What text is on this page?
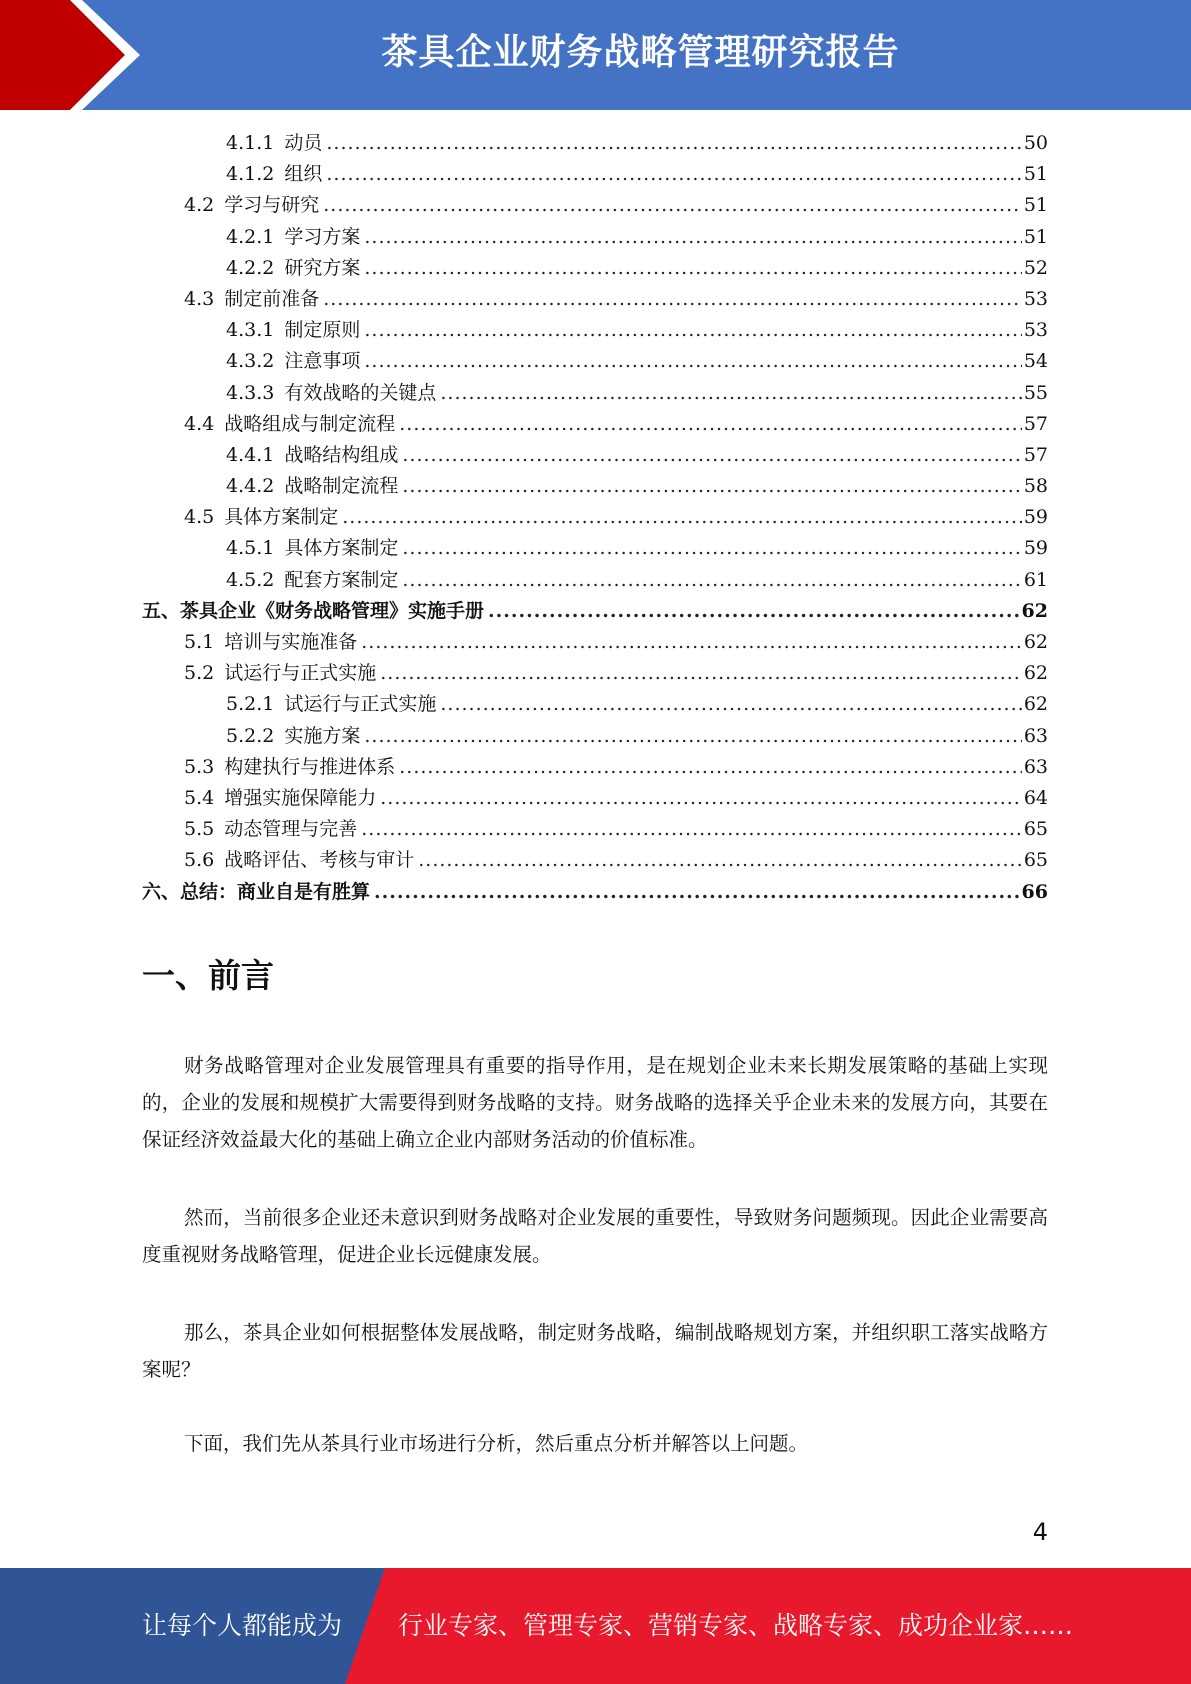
茶具企业财务战略管理研究报告
4.1.1 动员 .....	50
4.1.2 组织 .....	51
4.2 学习与研究 .....	51
4.2.1 学习方案 .....	51
4.2.2 研究方案 .....	52
4.3 制定前准备 .....	53
4.3.1 制定原则 .....	53
4.3.2 注意事项 .....	54
4.3.3 有效战略的关键点 .....	55
4.4 战略组成与制定流程 .....	57
4.4.1 战略结构组成 .....	57
4.4.2 战略制定流程 .....	58
4.5 具体方案制定 .....	59
4.5.1 具体方案制定 .....	59
4.5.2 配套方案制定 .....	61
五、茶具企业《财务战略管理》实施手册 .....	62
5.1 培训与实施准备 .....	62
5.2 试运行与正式实施 .....	62
5.2.1 试运行与正式实施 .....	62
5.2.2 实施方案 .....	63
5.3 构建执行与推进体系 .....	63
5.4 增强实施保障能力 .....	64
5.5 动态管理与完善 .....	65
5.6 战略评估、考核与审计 .....	65
六、总结：商业自是有胜算 .....	66
一、前言

财务战略管理对企业发展管理具有重要的指导作用，是在规划企业未来长期发展策略的基础上实现的，企业的发展和规模扩大需要得到财务战略的支持。财务战略的选择关乎企业未来的发展方向，其要在保证经济效益最大化的基础上确立企业内部财务活动的价值标准。

然而，当前很多企业还未意识到财务战略对企业发展的重要性，导致财务问题频现。因此企业需要高度重视财务战略管理，促进企业长远健康发展。

那么，茶具企业如何根据整体发展战略，制定财务战略，编制战略规划方案，并组织职工落实战略方案呢？

下面，我们先从茶具行业市场进行分析，然后重点分析并解答以上问题。

4
让每个人都能成为 行业专家、管理专家、营销专家、战略专家、成功企业家……
